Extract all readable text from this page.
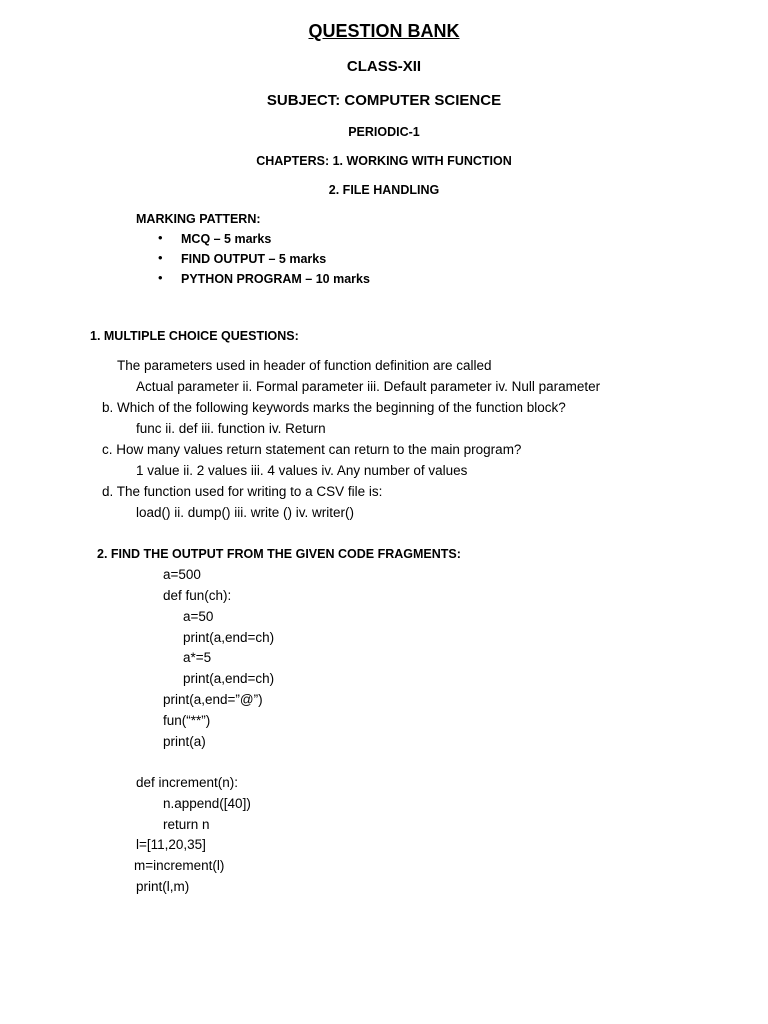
QUESTION BANK
CLASS-XII
SUBJECT: COMPUTER SCIENCE
PERIODIC-1
CHAPTERS: 1. WORKING WITH FUNCTION
2. FILE HANDLING
MARKING PATTERN:
• MCQ – 5 marks
• FIND OUTPUT – 5 marks
• PYTHON PROGRAM – 10 marks
1. MULTIPLE CHOICE QUESTIONS:
The parameters used in header of function definition are called
Actual parameter ii. Formal parameter iii. Default parameter iv. Null parameter
b. Which of the following keywords marks the beginning of the function block?
func ii. def iii. function iv. Return
c. How many values return statement can return to the main program?
1 value ii. 2 values iii. 4 values iv. Any number of values
d. The function used for writing to a CSV file is:
load() ii. dump() iii. write () iv. writer()
2. FIND THE OUTPUT FROM THE GIVEN CODE FRAGMENTS:
a=500
def fun(ch):
a=50
print(a,end=ch)
a*=5
print(a,end=ch)
print(a,end=”@”)
fun(“**”)
print(a)
def increment(n):
n.append([40])
return n
l=[11,20,35]
m=increment(l)
print(l,m)
